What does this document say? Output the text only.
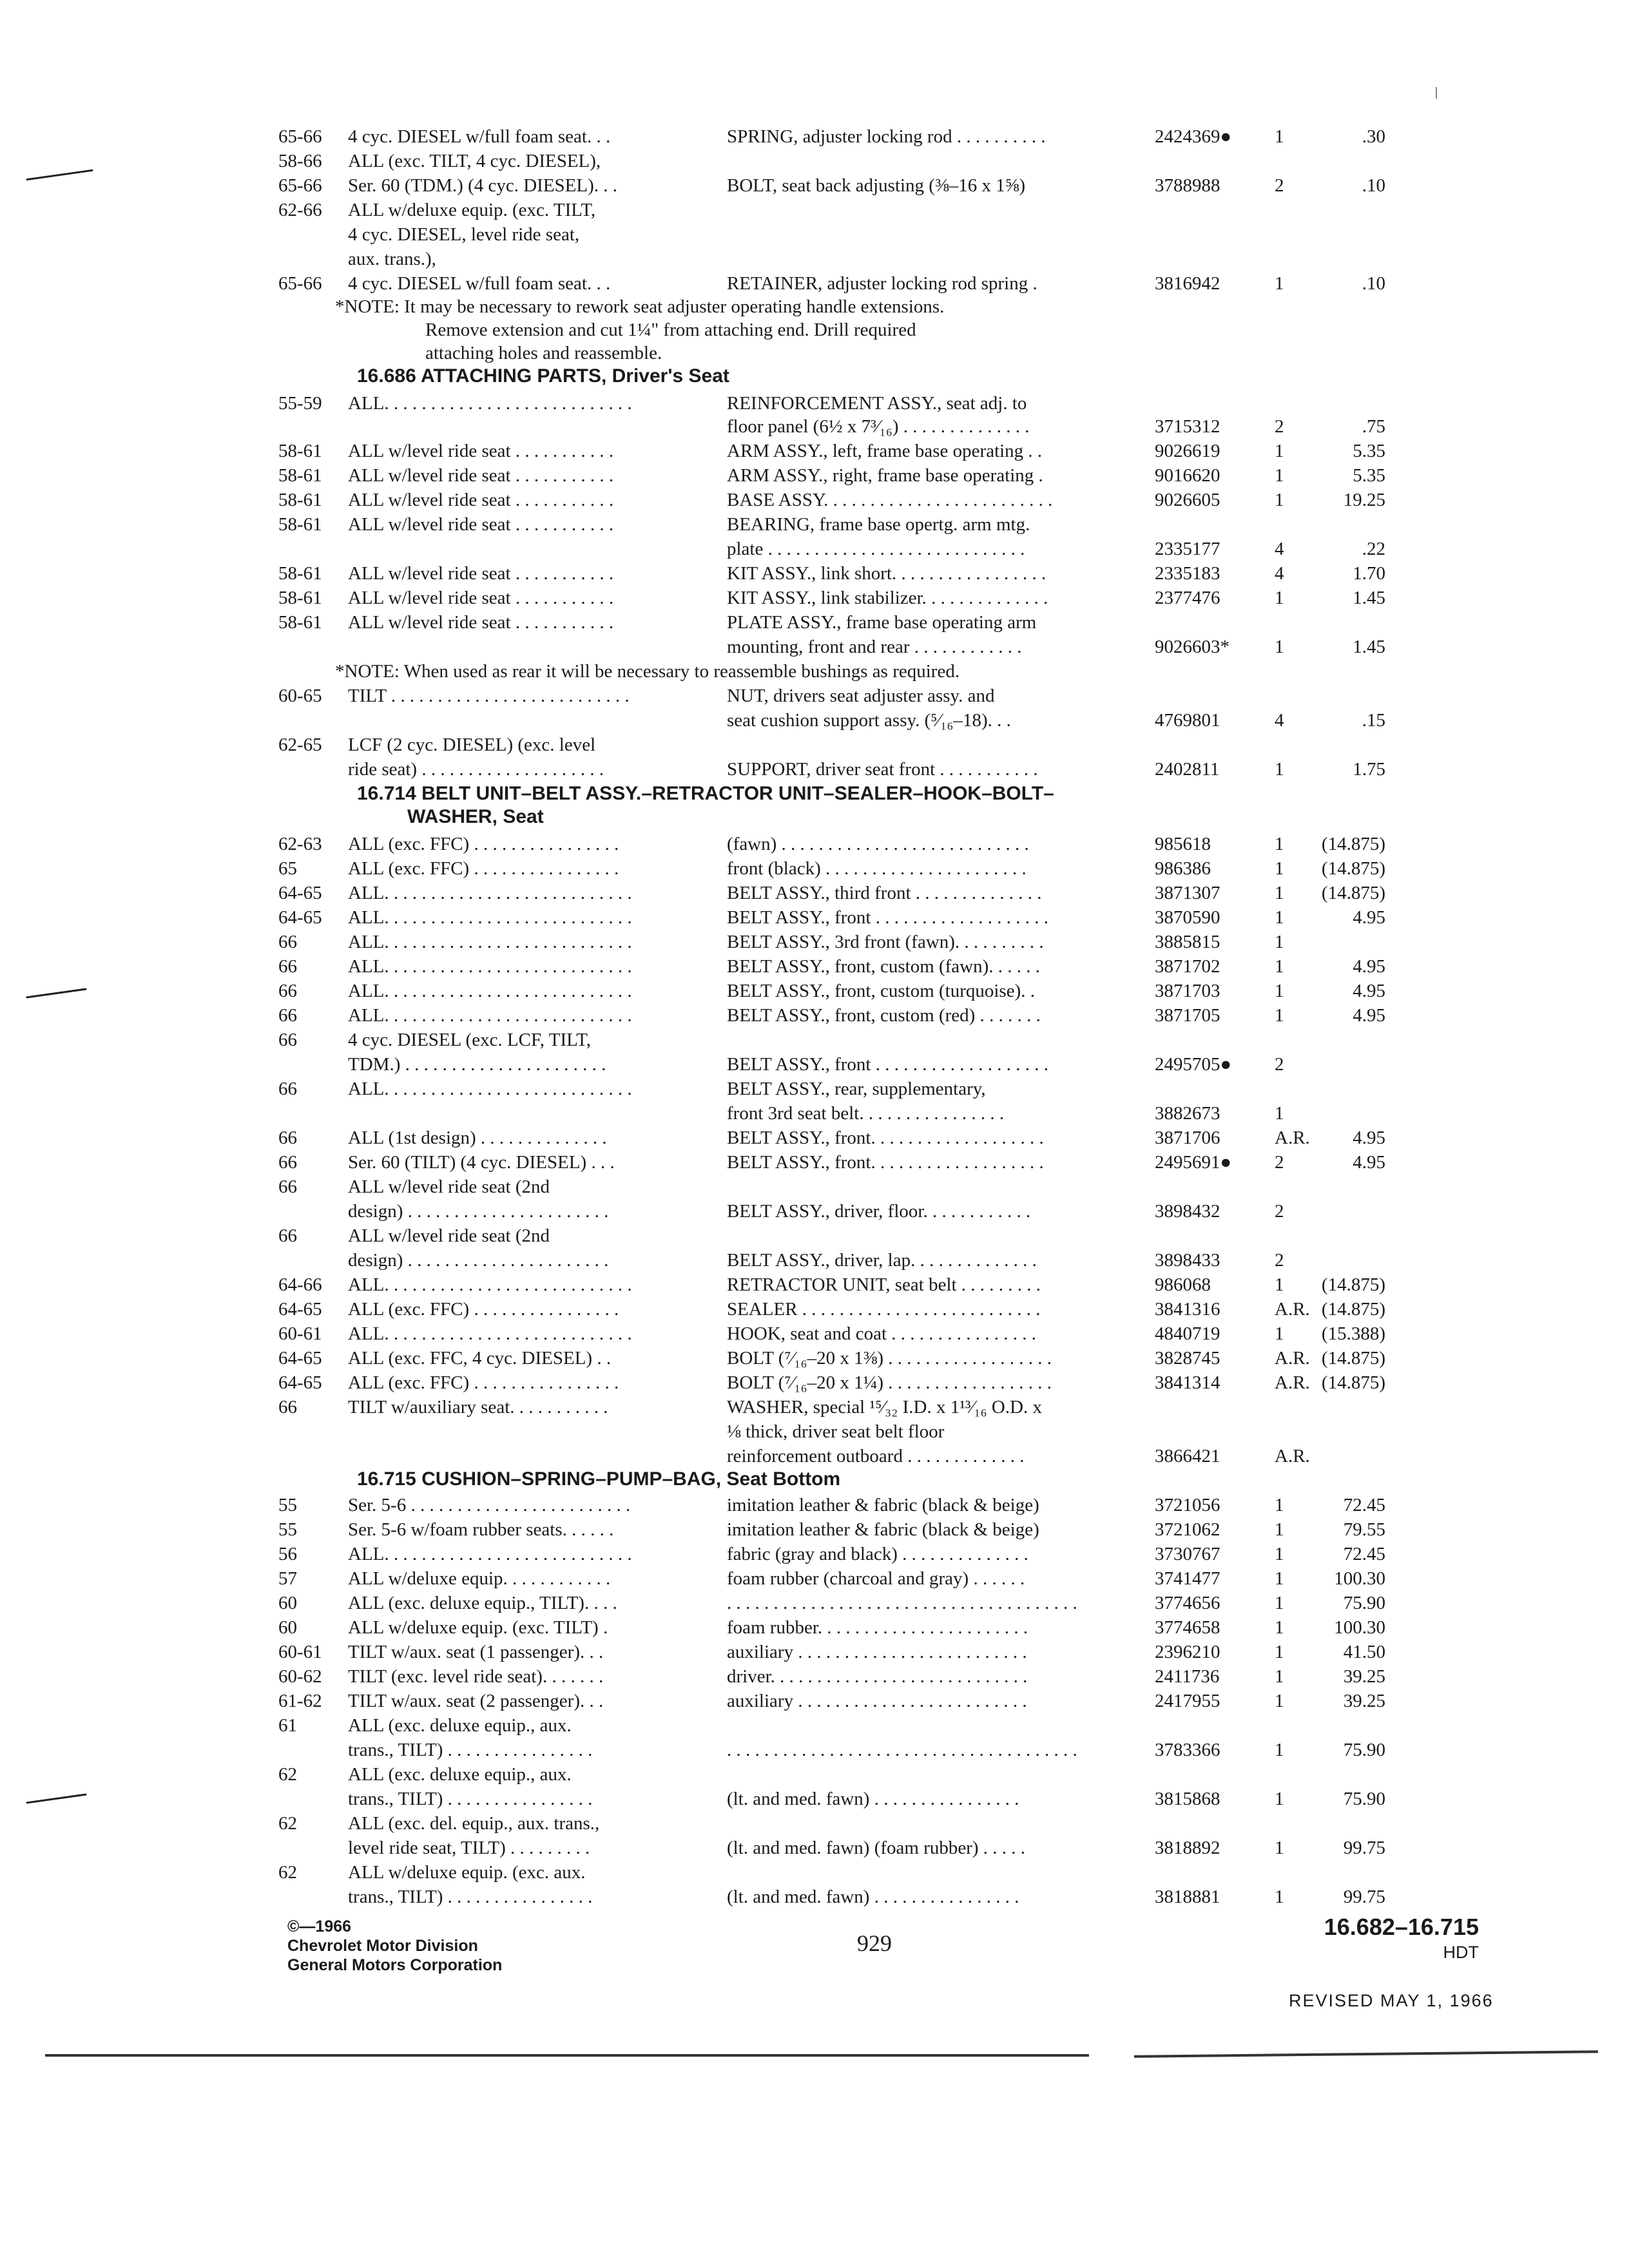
65-66 4 cyc. DIESEL w/full foam seat. . .	SPRING, adjuster locking rod . . . . . . . . . .	2424369● 1	.30
58-66 ALL (exc. TILT, 4 cyc. DIESEL),
65-66 Ser. 60 (TDM.) (4 cyc. DIESEL). . .	BOLT, seat back adjusting (⅜–16 x 1⅝)	3788988	2	.10
62-66 ALL w/deluxe equip. (exc. TILT,
4 cyc. DIESEL, level ride seat,
aux. trans.),
65-66 4 cyc. DIESEL w/full foam seat. . .	RETAINER, adjuster locking rod spring .	3816942	1	.10
*NOTE: It may be necessary to rework seat adjuster operating handle extensions.
Remove extension and cut 1¼" from attaching end. Drill required
attaching holes and reassemble.
16.686 ATTACHING PARTS, Driver's Seat
55-59 ALL. . . . . . . . . . . . . . . . . . . . . . . . . . .	REINFORCEMENT ASSY., seat adj. to
floor panel (6½ x 7³⁄₁₆) . . . . . . . . . . . . . .	3715312	2	.75
58-61 ALL w/level ride seat . . . . . . . . . . .	ARM ASSY., left, frame base operating . .	9026619	1	5.35
58-61 ALL w/level ride seat . . . . . . . . . . .	ARM ASSY., right, frame base operating .	9016620	1	5.35
58-61 ALL w/level ride seat . . . . . . . . . . .	BASE ASSY. . . . . . . . . . . . . . . . . . . . . . . . .	9026605	1	19.25
58-61 ALL w/level ride seat . . . . . . . . . . .	BEARING, frame base opertg. arm mtg.
plate . . . . . . . . . . . . . . . . . . . . . . . . . . . .	2335177	4	.22
58-61 ALL w/level ride seat . . . . . . . . . . .	KIT ASSY., link short. . . . . . . . . . . . . . . . .	2335183	4	1.70
58-61 ALL w/level ride seat . . . . . . . . . . .	KIT ASSY., link stabilizer. . . . . . . . . . . . . .	2377476	1	1.45
58-61 ALL w/level ride seat . . . . . . . . . . .	PLATE ASSY., frame base operating arm
mounting, front and rear . . . . . . . . . . . .	9026603* 1	1.45
*NOTE: When used as rear it will be necessary to reassemble bushings as required.
60-65 TILT . . . . . . . . . . . . . . . . . . . . . . . . . .	NUT, drivers seat adjuster assy. and
seat cushion support assy. (⁵⁄₁₆–18). . .	4769801	4	.15
62-65 LCF (2 cyc. DIESEL) (exc. level
ride seat) . . . . . . . . . . . . . . . . . . . .	SUPPORT, driver seat front . . . . . . . . . . .	2402811	1	1.75
16.714 BELT UNIT–BELT ASSY.–RETRACTOR UNIT–SEALER–HOOK–BOLT–
WASHER, Seat
62-63 ALL (exc. FFC) . . . . . . . . . . . . . . . .	(fawn) . . . . . . . . . . . . . . . . . . . . . . . . . . .	985618	1 (14.875)
65	ALL (exc. FFC) . . . . . . . . . . . . . . . .	front (black) . . . . . . . . . . . . . . . . . . . . . .	986386	1 (14.875)
64-65 ALL. . . . . . . . . . . . . . . . . . . . . . . . . . .	BELT ASSY., third front . . . . . . . . . . . . . .	3871307	1 (14.875)
64-65 ALL. . . . . . . . . . . . . . . . . . . . . . . . . . .	BELT ASSY., front . . . . . . . . . . . . . . . . . . .	3870590	1	4.95
66	ALL. . . . . . . . . . . . . . . . . . . . . . . . . . .	BELT ASSY., 3rd front (fawn). . . . . . . . . .	3885815	1
66	ALL. . . . . . . . . . . . . . . . . . . . . . . . . . .	BELT ASSY., front, custom (fawn). . . . . .	3871702	1	4.95
66	ALL. . . . . . . . . . . . . . . . . . . . . . . . . . .	BELT ASSY., front, custom (turquoise). .	3871703	1	4.95
66	ALL. . . . . . . . . . . . . . . . . . . . . . . . . . .	BELT ASSY., front, custom (red) . . . . . . .	3871705	1	4.95
66	4 cyc. DIESEL (exc. LCF, TILT,
TDM.) . . . . . . . . . . . . . . . . . . . . . .	BELT ASSY., front . . . . . . . . . . . . . . . . . . .	2495705● 2
66	ALL. . . . . . . . . . . . . . . . . . . . . . . . . . .	BELT ASSY., rear, supplementary,
front 3rd seat belt. . . . . . . . . . . . . . . .	3882673	1
66	ALL (1st design) . . . . . . . . . . . . . .	BELT ASSY., front. . . . . . . . . . . . . . . . . . .	3871706	A.R. 4.95
66	Ser. 60 (TILT) (4 cyc. DIESEL) . . .	BELT ASSY., front. . . . . . . . . . . . . . . . . . .	2495691● 2	4.95
66	ALL w/level ride seat (2nd
design) . . . . . . . . . . . . . . . . . . . . . .	BELT ASSY., driver, floor. . . . . . . . . . . .	3898432	2
66	ALL w/level ride seat (2nd
design) . . . . . . . . . . . . . . . . . . . . . .	BELT ASSY., driver, lap. . . . . . . . . . . . . .	3898433	2
64-66 ALL. . . . . . . . . . . . . . . . . . . . . . . . . . .	RETRACTOR UNIT, seat belt . . . . . . . . .	986068	1 (14.875)
64-65 ALL (exc. FFC) . . . . . . . . . . . . . . . .	SEALER . . . . . . . . . . . . . . . . . . . . . . . . . .	3841316	A.R. (14.875)
60-61 ALL. . . . . . . . . . . . . . . . . . . . . . . . . . .	HOOK, seat and coat . . . . . . . . . . . . . . . .	4840719	1 (15.388)
64-65 ALL (exc. FFC, 4 cyc. DIESEL) . .	BOLT (⁷⁄₁₆–20 x 1⅜) . . . . . . . . . . . . . . . . . .	3828745	A.R. (14.875)
64-65 ALL (exc. FFC) . . . . . . . . . . . . . . . .	BOLT (⁷⁄₁₆–20 x 1¼) . . . . . . . . . . . . . . . . . .	3841314	A.R. (14.875)
66	TILT w/auxiliary seat. . . . . . . . . . .	WASHER, special ¹⁵⁄₃₂ I.D. x 1¹³⁄₁₆ O.D. x
⅛ thick, driver seat belt floor
reinforcement outboard . . . . . . . . . . . . .	3866421	A.R.
16.715 CUSHION–SPRING–PUMP–BAG, Seat Bottom
55	Ser. 5-6 . . . . . . . . . . . . . . . . . . . . . . . .	imitation leather & fabric (black & beige)	3721056	1	72.45
55	Ser. 5-6 w/foam rubber seats. . . . . .	imitation leather & fabric (black & beige)	3721062	1	79.55
56	ALL. . . . . . . . . . . . . . . . . . . . . . . . . . .	fabric (gray and black) . . . . . . . . . . . . . .	3730767	1	72.45
57	ALL w/deluxe equip. . . . . . . . . . . .	foam rubber (charcoal and gray) . . . . . .	3741477	1	100.30
60	ALL (exc. deluxe equip., TILT). . . .	. . . . . . . . . . . . . . . . . . . . . . . . . . . . . . . . . . . . . .	3774656	1	75.90
60	ALL w/deluxe equip. (exc. TILT) .	foam rubber. . . . . . . . . . . . . . . . . . . . . . .	3774658	1	100.30
60-61 TILT w/aux. seat (1 passenger). . .	auxiliary . . . . . . . . . . . . . . . . . . . . . . . . .	2396210	1	41.50
60-62 TILT (exc. level ride seat). . . . . . .	driver. . . . . . . . . . . . . . . . . . . . . . . . . . . .	2411736	1	39.25
61-62 TILT w/aux. seat (2 passenger). . .	auxiliary . . . . . . . . . . . . . . . . . . . . . . . . .	2417955	1	39.25
61	ALL (exc. deluxe equip., aux.
trans., TILT) . . . . . . . . . . . . . . . .	. . . . . . . . . . . . . . . . . . . . . . . . . . . . . . . . . . . . . .	3783366	1	75.90
62	ALL (exc. deluxe equip., aux.
trans., TILT) . . . . . . . . . . . . . . . .	(lt. and med. fawn) . . . . . . . . . . . . . . . .	3815868	1	75.90
62	ALL (exc. del. equip., aux. trans.,
level ride seat, TILT) . . . . . . . . .	(lt. and med. fawn) (foam rubber) . . . . .	3818892	1	99.75
62	ALL w/deluxe equip. (exc. aux.
trans., TILT) . . . . . . . . . . . . . . . .	(lt. and med. fawn) . . . . . . . . . . . . . . . .	3818881	1	99.75
©—1966
Chevrolet Motor Division
General Motors Corporation
929
16.682–16.715
HDT
REVISED MAY 1, 1966
